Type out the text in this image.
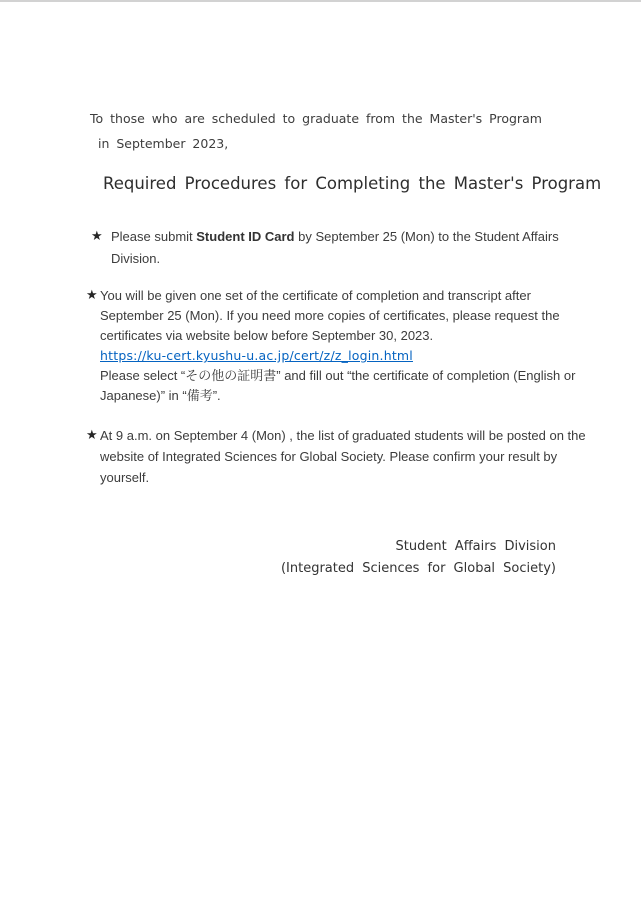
To those who are scheduled to graduate from the Master's Program
in September 2023,
Required Procedures for Completing the Master's Program
★ Please submit Student ID Card by September 25 (Mon) to the Student Affairs
Division.
★ You will be given one set of the certificate of completion and transcript after
September 25 (Mon). If you need more copies of certificates, please request the
certificates via website below before September 30, 2023.
https://ku-cert.kyushu-u.ac.jp/cert/z/z_login.html
Please select “その他の証明書” and fill out “the certificate of completion (English or
Japanese)” in “備考”.
★ At 9 a.m. on September 4 (Mon) , the list of graduated students will be posted on the
website of Integrated Sciences for Global Society. Please confirm your result by
yourself.
Student Affairs Division
(Integrated Sciences for Global Society)
